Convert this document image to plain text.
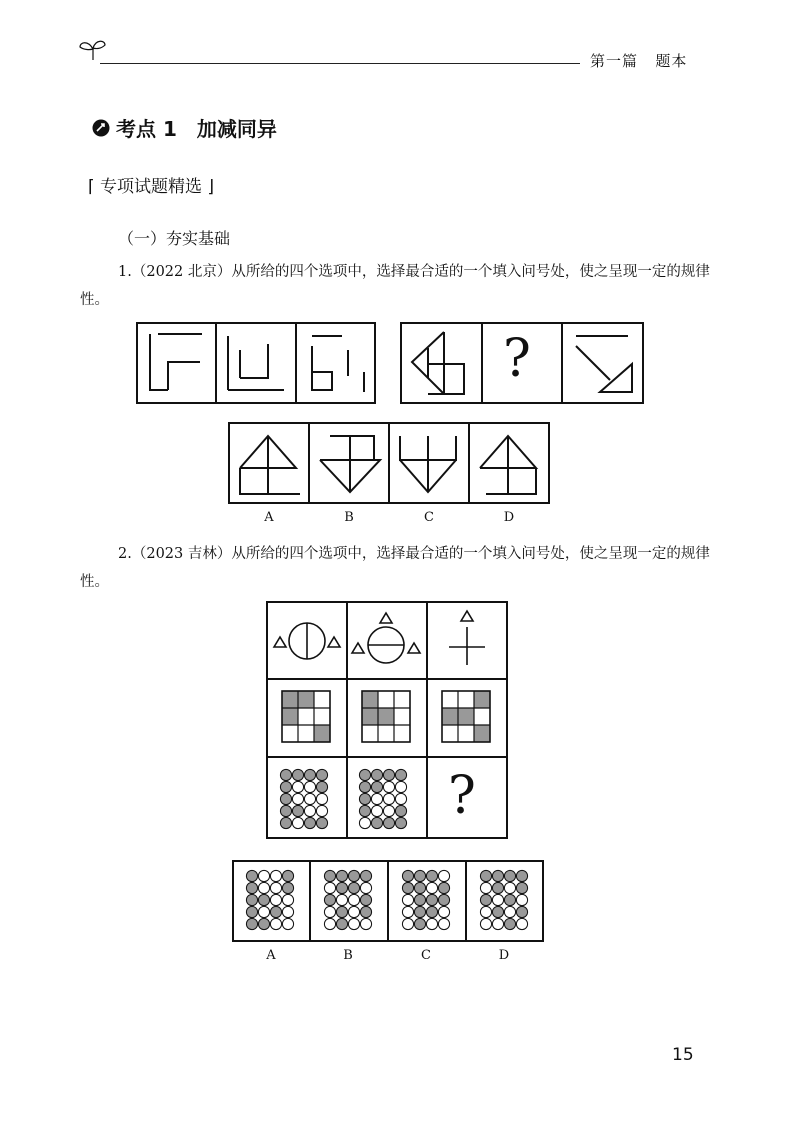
第一篇 题本
考点 1 加减同异
⌈ 专项试题精选 ⌋
（一）夯实基础
1.（2022 北京）从所给的四个选项中，选择最合适的一个填入问号处，使之呈现一定的规律性。
?
A	B	C	D
2.（2023 吉林）从所给的四个选项中，选择最合适的一个填入问号处，使之呈现一定的规律性。
?
A	B	C	D
15
